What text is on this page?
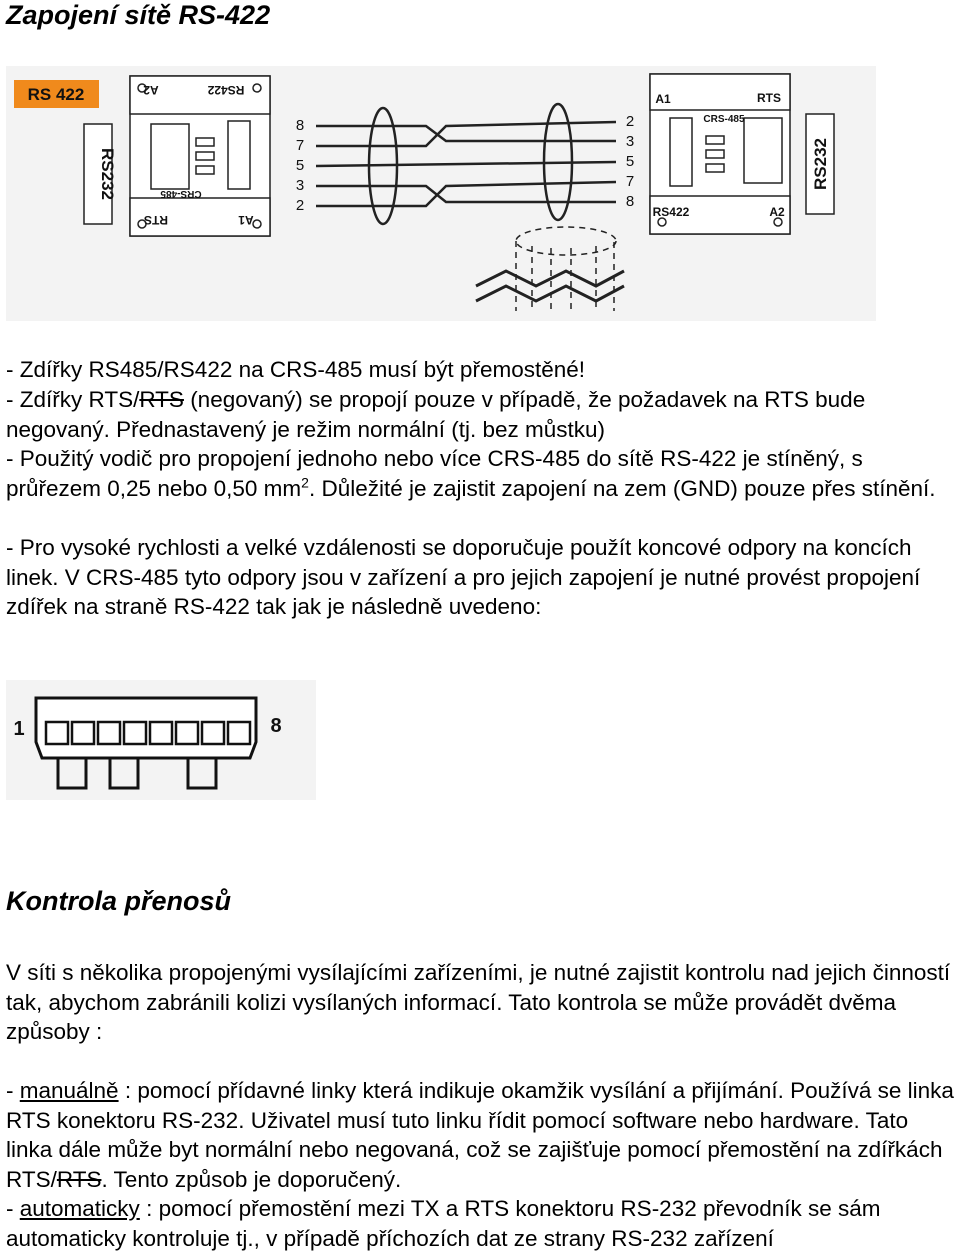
Zapojení sítě RS-422
RS 422
RS232
A2	RS422
RTS	A1
CRS-485
8
7
5
3
2
A1	RTS
RS422	A2
CRS-485
RS232
2
3
5
7
8

- Zdířky RS485/RS422 na CRS-485 musí být přemostěné!

- Zdířky RTS/RTS (negovaný) se propojí pouze v případě, že požadavek na RTS bude negovaný. Přednastavený je režim normální (tj. bez můstku)

- Použitý vodič pro propojení jednoho nebo více CRS-485 do sítě RS-422 je stíněný, s průřezem 0,25 nebo 0,50 $mm^2$. Důležité je zajistit zapojení na zem (GND) pouze přes stínění.

- Pro vysoké rychlosti a velké vzdálenosti se doporučuje použít koncové odpory na koncích linek. V CRS-485 tyto odpory jsou v zařízení a pro jejich zapojení je nutné provést propojení zdířek na straně RS-422 tak jak je následně uvedeno:

1	8
Kontrola přenosů

V síti s několika propojenými vysílajícími zařízeními, je nutné zajistit kontrolu nad jejich činností tak, abychom zabránili kolizi vysílaných informací. Tato kontrola se může provádět dvěma způsoby :

- manuálně : pomocí přídavné linky která indikuje okamžik vysílání a přijímání. Používá se linka RTS konektoru RS-232. Uživatel musí tuto linku řídit pomocí software nebo hardware. Tato linka dále může byt normální nebo negovaná, což se zajišťuje pomocí přemostění na zdířkách RTS/RTS. Tento způsob je doporučený.

- automaticky : pomocí přemostění mezi TX a RTS konektoru RS-232 převodník se sám automaticky kontroluje tj., v případě příchozích dat ze strany RS-232 zařízení
